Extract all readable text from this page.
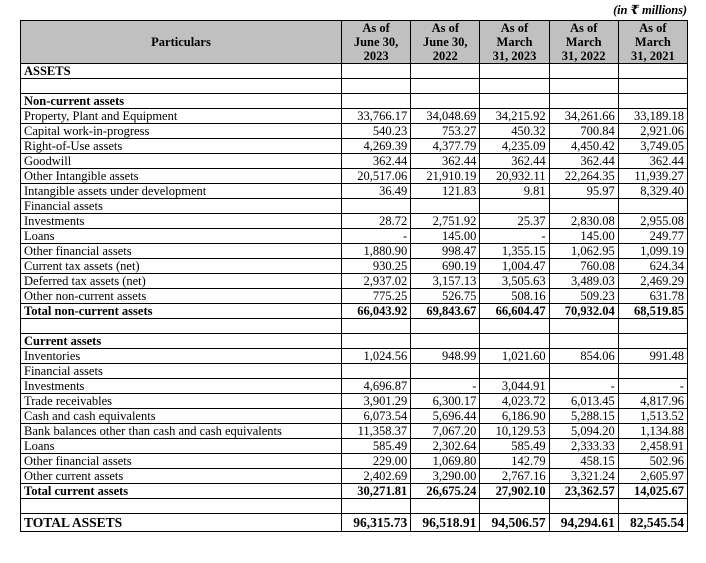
(in ₹ millions)
Particulars	As of
June 30,
2023	As of
June 30,
2022	As of
March
31, 2023	As of
March
31, 2022	As of
March
31, 2021

ASSETS					

Non-current assets					
Property, Plant and Equipment	33,766.17	34,048.69	34,215.92	34,261.66	33,189.18
Capital work-in-progress	540.23	753.27	450.32	700.84	2,921.06
Right-of-Use assets	4,269.39	4,377.79	4,235.09	4,450.42	3,749.05
Goodwill	362.44	362.44	362.44	362.44	362.44
Other Intangible assets	20,517.06	21,910.19	20,932.11	22,264.35	11,939.27
Intangible assets under development	36.49	121.83	9.81	95.97	8,329.40
Financial assets					
Investments	28.72	2,751.92	25.37	2,830.08	2,955.08
Loans	-	145.00	-	145.00	249.77
Other financial assets	1,880.90	998.47	1,355.15	1,062.95	1,099.19
Current tax assets (net)	930.25	690.19	1,004.47	760.08	624.34
Deferred tax assets (net)	2,937.02	3,157.13	3,505.63	3,489.03	2,469.29
Other non-current assets	775.25	526.75	508.16	509.23	631.78
Total non-current assets	66,043.92	69,843.67	66,604.47	70,932.04	68,519.85

Current assets					
Inventories	1,024.56	948.99	1,021.60	854.06	991.48
Financial assets					
Investments	4,696.87	-	3,044.91	-	-
Trade receivables	3,901.29	6,300.17	4,023.72	6,013.45	4,817.96
Cash and cash equivalents	6,073.54	5,696.44	6,186.90	5,288.15	1,513.52
Bank balances other than cash and cash equivalents	11,358.37	7,067.20	10,129.53	5,094.20	1,134.88
Loans	585.49	2,302.64	585.49	2,333.33	2,458.91
Other financial assets	229.00	1,069.80	142.79	458.15	502.96
Other current assets	2,402.69	3,290.00	2,767.16	3,321.24	2,605.97
Total current assets	30,271.81	26,675.24	27,902.10	23,362.57	14,025.67

TOTAL ASSETS	96,315.73	96,518.91	94,506.57	94,294.61	82,545.54
